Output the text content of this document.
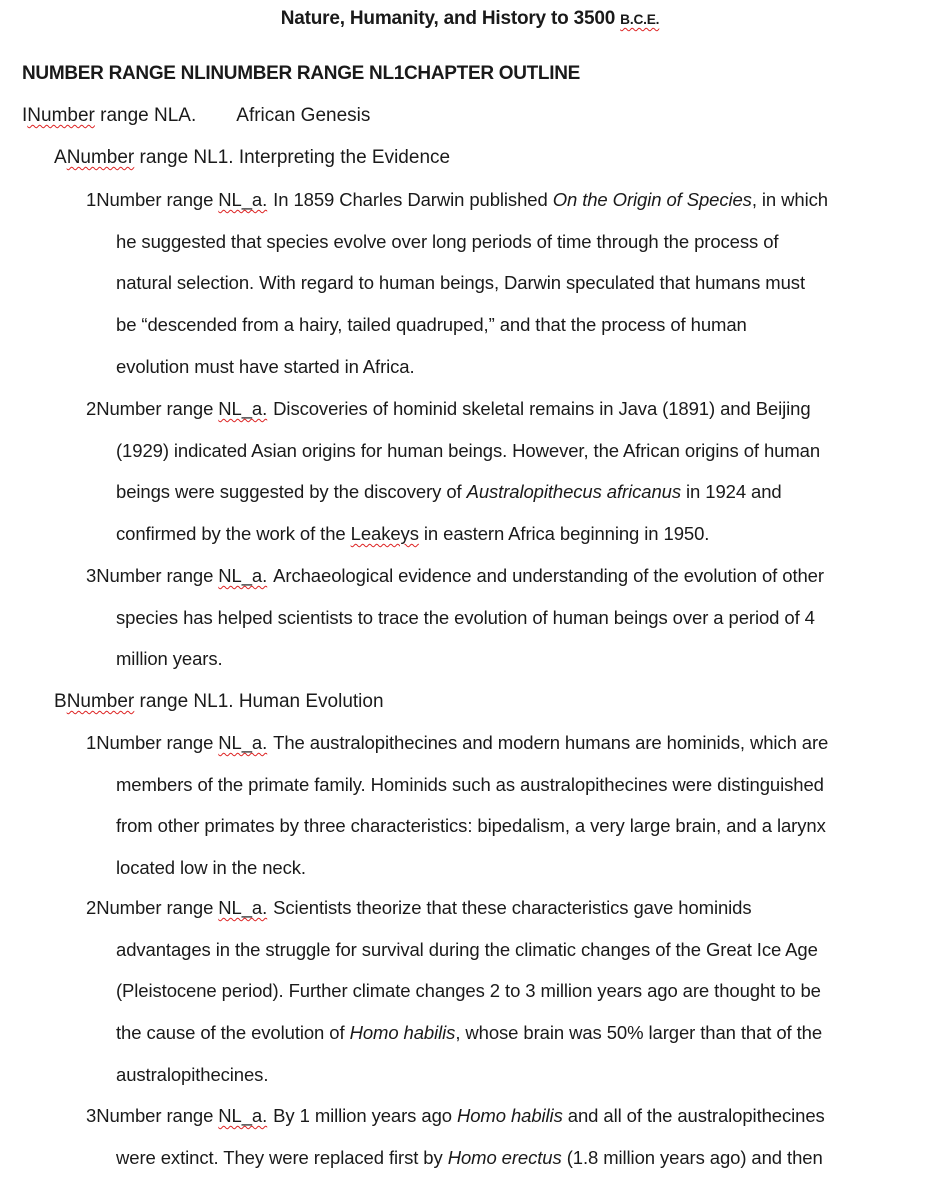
Nature, Humanity, and History to 3500 B.C.E.
NUMBER RANGE NLINUMBER RANGE NL1CHAPTER OUTLINE
INumber range NLA. African Genesis
ANumber range NL1. Interpreting the Evidence
1Number range NL_a. In 1859 Charles Darwin published On the Origin of Species, in which
he suggested that species evolve over long periods of time through the process of
natural selection. With regard to human beings, Darwin speculated that humans must
be “descended from a hairy, tailed quadruped,” and that the process of human
evolution must have started in Africa.
2Number range NL_a. Discoveries of hominid skeletal remains in Java (1891) and Beijing
(1929) indicated Asian origins for human beings. However, the African origins of human
beings were suggested by the discovery of Australopithecus africanus in 1924 and
confirmed by the work of the Leakeys in eastern Africa beginning in 1950.
3Number range NL_a. Archaeological evidence and understanding of the evolution of other
species has helped scientists to trace the evolution of human beings over a period of 4
million years.
BNumber range NL1. Human Evolution
1Number range NL_a. The australopithecines and modern humans are hominids, which are
members of the primate family. Hominids such as australopithecines were distinguished
from other primates by three characteristics: bipedalism, a very large brain, and a larynx
located low in the neck.
2Number range NL_a. Scientists theorize that these characteristics gave hominids
advantages in the struggle for survival during the climatic changes of the Great Ice Age
(Pleistocene period). Further climate changes 2 to 3 million years ago are thought to be
the cause of the evolution of Homo habilis, whose brain was 50% larger than that of the
australopithecines.
3Number range NL_a. By 1 million years ago Homo habilis and all of the australopithecines
were extinct. They were replaced first by Homo erectus (1.8 million years ago) and then
